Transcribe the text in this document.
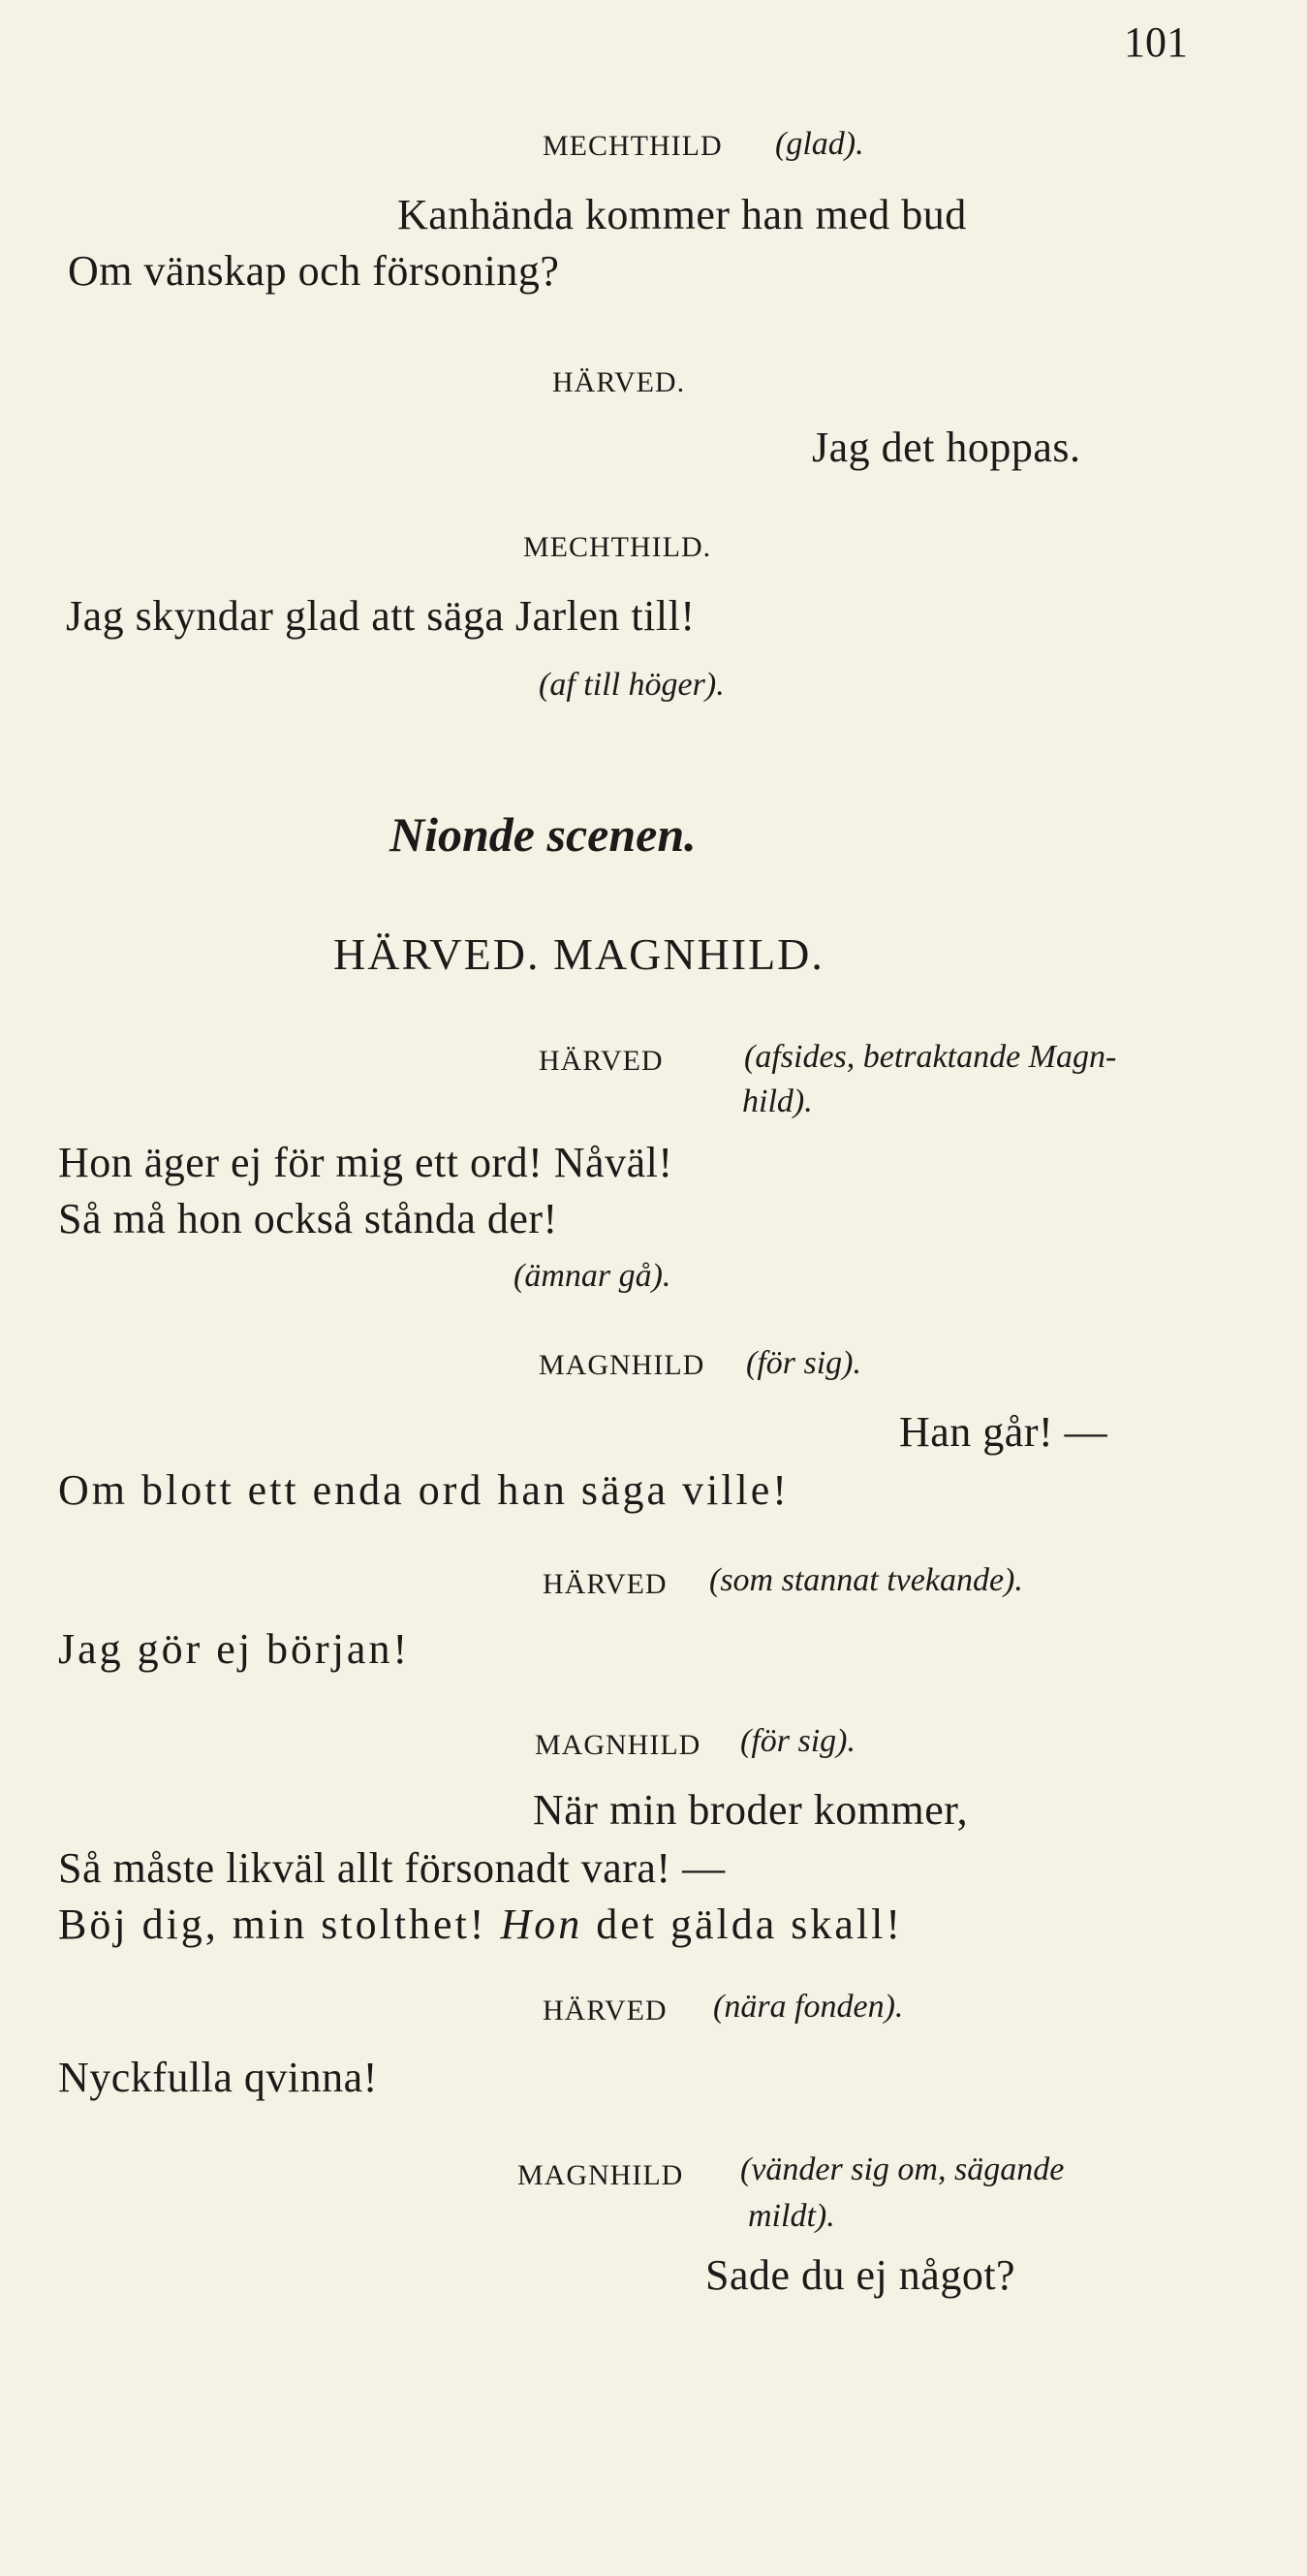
101
MECHTHILD (glad).
Kanhända kommer han med bud
Om vänskap och försoning?
HÄRVED.
Jag det hoppas.
MECHTHILD.
Jag skyndar glad att säga Jarlen till!
(af till höger).
Nionde scenen.
HÄRVED. MAGNHILD.
HÄRVED (afsides, betraktande Magn-
hild).
Hon äger ej för mig ett ord! Nåväl!
Så må hon också stånda der!
(ämnar gå).
MAGNHILD (för sig).
Han går! —
Om blott ett enda ord han säga ville!
HÄRVED (som stannat tvekande).
Jag gör ej början!
MAGNHILD (för sig).
När min broder kommer,
Så måste likväl allt försonadt vara! —
Böj dig, min stolthet! Hon det gälda skall!
HÄRVED (nära fonden).
Nyckfulla qvinna!
MAGNHILD (vänder sig om, sägande
mildt).
Sade du ej något?
